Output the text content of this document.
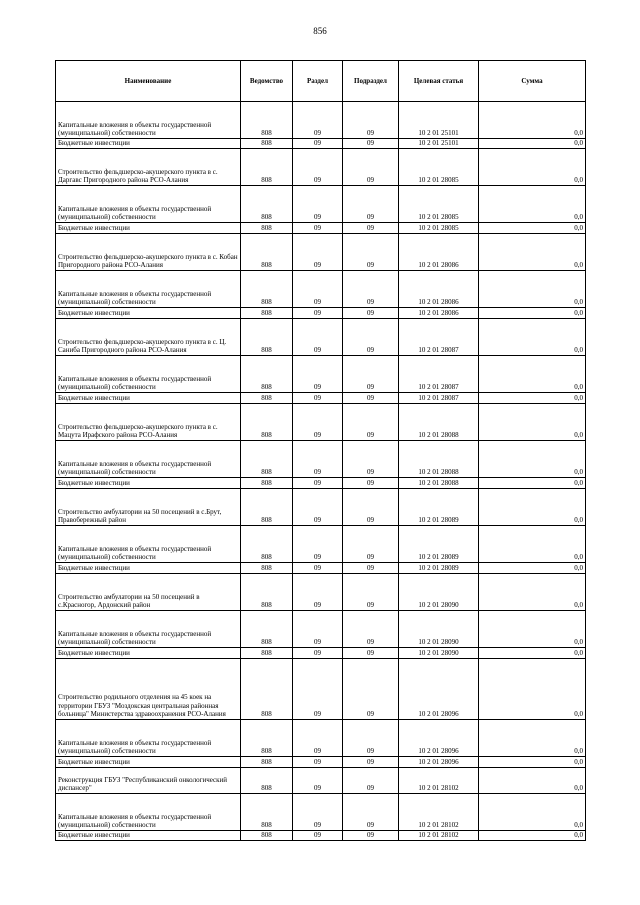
856
Наименование	Ведомство	Раздел	Подраздел	Целевая статья	Сумма
Капитальные вложения в объекты государственной (муниципальной) собственности	808	09	09	10 2 01 25101	0,0
Бюджетные инвестиции	808	09	09	10 2 01 25101	0,0
Строительство фельдшерско-акушерского пункта в с. Даргавс Пригородного района РСО-Алания	808	09	09	10 2 01 28085	0,0
Капитальные вложения в объекты государственной (муниципальной) собственности	808	09	09	10 2 01 28085	0,0
Бюджетные инвестиции	808	09	09	10 2 01 28085	0,0
Строительство фельдшерско-акушерского пункта в с. Кобан Пригородного района РСО-Алания	808	09	09	10 2 01 28086	0,0
Капитальные вложения в объекты государственной (муниципальной) собственности	808	09	09	10 2 01 28086	0,0
Бюджетные инвестиции	808	09	09	10 2 01 28086	0,0
Строительство фельдшерско-акушерского пункта в с. Ц. Саниба Пригородного района РСО-Алания	808	09	09	10 2 01 28087	0,0
Капитальные вложения в объекты государственной (муниципальной) собственности	808	09	09	10 2 01 28087	0,0
Бюджетные инвестиции	808	09	09	10 2 01 28087	0,0
Строительство фельдшерско-акушерского пункта в с. Мацута Ирафского района РСО-Алания	808	09	09	10 2 01 28088	0,0
Капитальные вложения в объекты государственной (муниципальной) собственности	808	09	09	10 2 01 28088	0,0
Бюджетные инвестиции	808	09	09	10 2 01 28088	0,0
Строительство амбулатории на 50 посещений в с.Брут, Правобережный район	808	09	09	10 2 01 28089	0,0
Капитальные вложения в объекты государственной (муниципальной) собственности	808	09	09	10 2 01 28089	0,0
Бюджетные инвестиции	808	09	09	10 2 01 28089	0,0
Строительство амбулатории на 50 посещений в с.Красногор, Ардонский район	808	09	09	10 2 01 28090	0,0
Капитальные вложения в объекты государственной (муниципальной) собственности	808	09	09	10 2 01 28090	0,0
Бюджетные инвестиции	808	09	09	10 2 01 28090	0,0
Строительство родильного отделения на 45 коек на территории ГБУЗ "Моздокская центральная районная больница" Министерства здравоохранения РСО-Алания	808	09	09	10 2 01 28096	0,0
Капитальные вложения в объекты государственной (муниципальной) собственности	808	09	09	10 2 01 28096	0,0
Бюджетные инвестиции	808	09	09	10 2 01 28096	0,0
Реконструкция ГБУЗ "Республиканский онкологический диспансер"	808	09	09	10 2 01 28102	0,0
Капитальные вложения в объекты государственной (муниципальной) собственности	808	09	09	10 2 01 28102	0,0
Бюджетные инвестиции	808	09	09	10 2 01 28102	0,0
